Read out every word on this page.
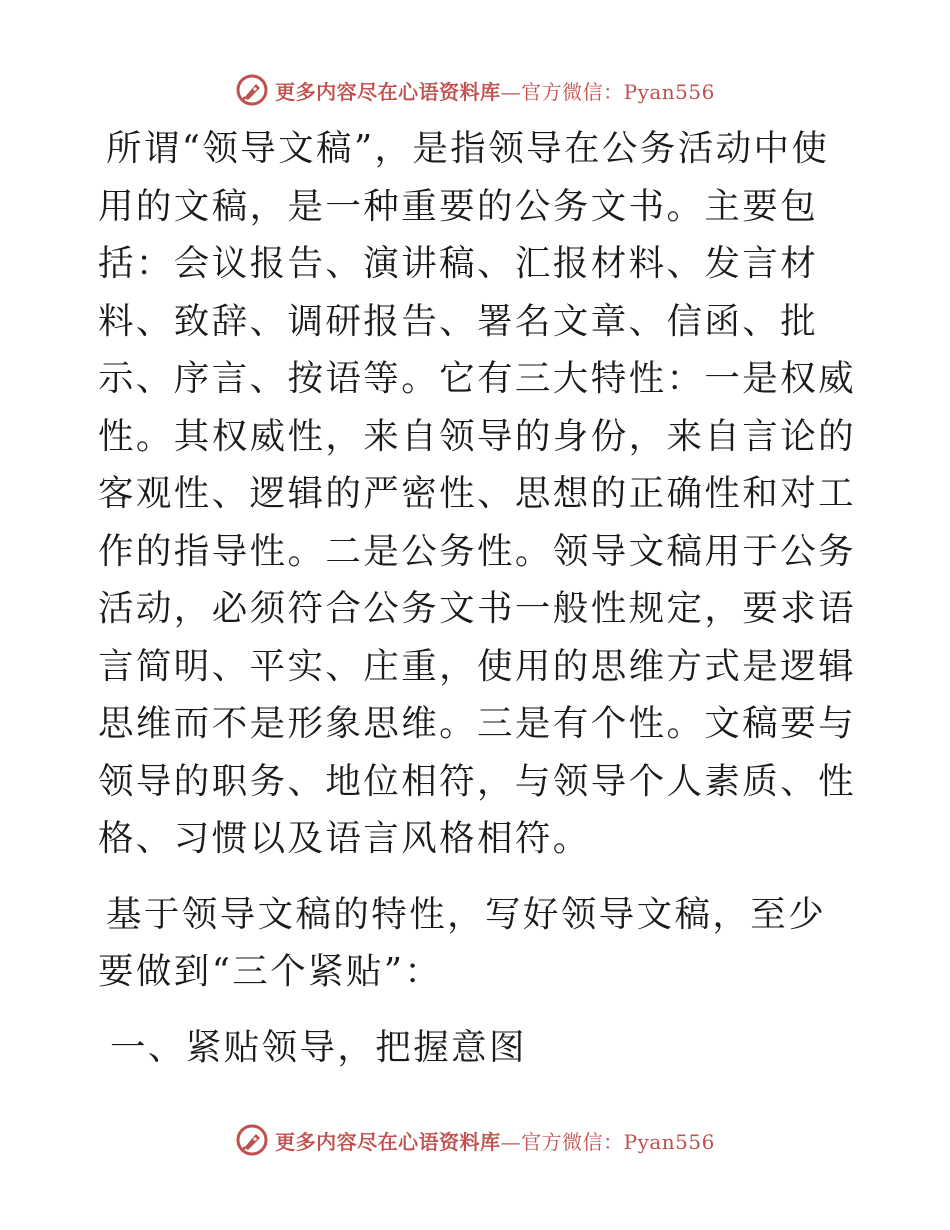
更多内容尽在心语资料库—官方微信：Pyan556

所谓“领导文稿”，是指领导在公务活动中使用的文稿，是一种重要的公务文书。主要包括：会议报告、演讲稿、汇报材料、发言材料、致辞、调研报告、署名文章、信函、批示、序言、按语等。它有三大特性：一是权威性。其权威性，来自领导的身份，来自言论的客观性、逻辑的严密性、思想的正确性和对工作的指导性。二是公务性。领导文稿用于公务活动，必须符合公务文书一般性规定，要求语言简明、平实、庄重，使用的思维方式是逻辑思维而不是形象思维。三是有个性。文稿要与领导的职务、地位相符，与领导个人素质、性格、习惯以及语言风格相符。

基于领导文稿的特性，写好领导文稿，至少要做到“三个紧贴”：

一、紧贴领导，把握意图

更多内容尽在心语资料库—官方微信：Pyan556
